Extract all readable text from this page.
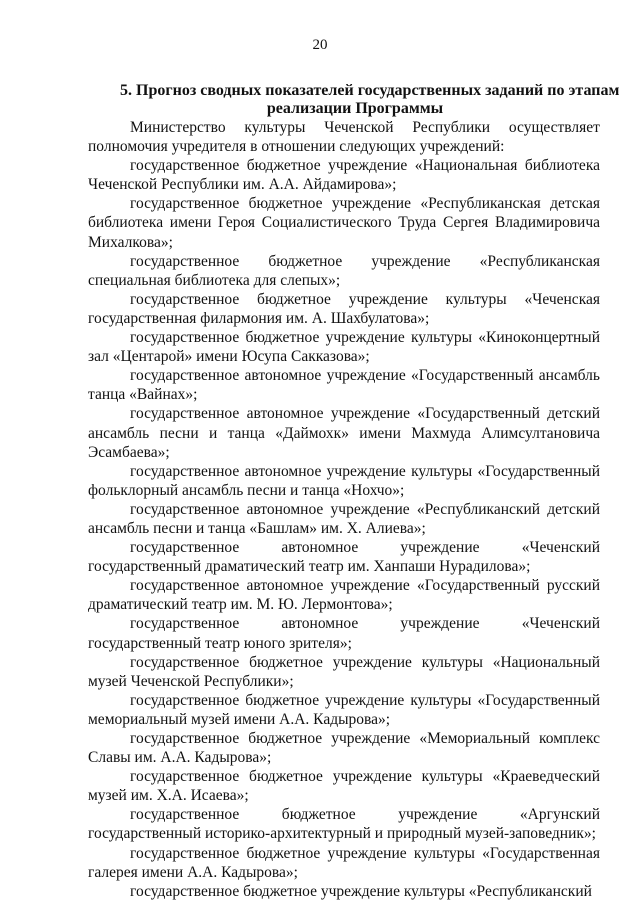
20
5. Прогноз сводных показателей государственных заданий по этапам
реализации Программы
Министерство культуры Чеченской Республики осуществляет
полномочия учредителя в отношении следующих учреждений:

государственное бюджетное учреждение «Национальная библиотека Чеченской Республики им. А.А. Айдамирова»;

государственное бюджетное учреждение «Республиканская детская библиотека имени Героя Социалистического Труда Сергея Владимировича Михалкова»;

государственное бюджетное учреждение «Республиканская специальная библиотека для слепых»;

государственное бюджетное учреждение культуры «Чеченская государственная филармония им. А. Шахбулатова»;

государственное бюджетное учреждение культуры «Киноконцертный зал «Центарой» имени Юсупа Сакказова»;

государственное автономное учреждение «Государственный ансамбль танца «Вайнах»;

государственное автономное учреждение «Государственный детский ансамбль песни и танца «Даймохк» имени Махмуда Алимсултановича Эсамбаева»;

государственное автономное учреждение культуры «Государственный фольклорный ансамбль песни и танца «Нохчо»;

государственное автономное учреждение «Республиканский детский ансамбль песни и танца «Башлам» им. Х. Алиева»;

государственное автономное учреждение «Чеченский государственный драматический театр им. Ханпаши Нурадилова»;

государственное автономное учреждение «Государственный русский драматический театр им. М. Ю. Лермонтова»;

государственное автономное учреждение «Чеченский государственный театр юного зрителя»;

государственное бюджетное учреждение культуры «Национальный музей Чеченской Республики»;

государственное бюджетное учреждение культуры «Государственный мемориальный музей имени А.А. Кадырова»;

государственное бюджетное учреждение «Мемориальный комплекс Славы им. А.А. Кадырова»;

государственное бюджетное учреждение культуры «Краеведческий музей им. Х.А. Исаева»;

государственное бюджетное учреждение «Аргунский государственный историко-архитектурный и природный музей-заповедник»;

государственное бюджетное учреждение культуры «Государственная галерея имени А.А. Кадырова»;

государственное бюджетное учреждение культуры «Республиканский
